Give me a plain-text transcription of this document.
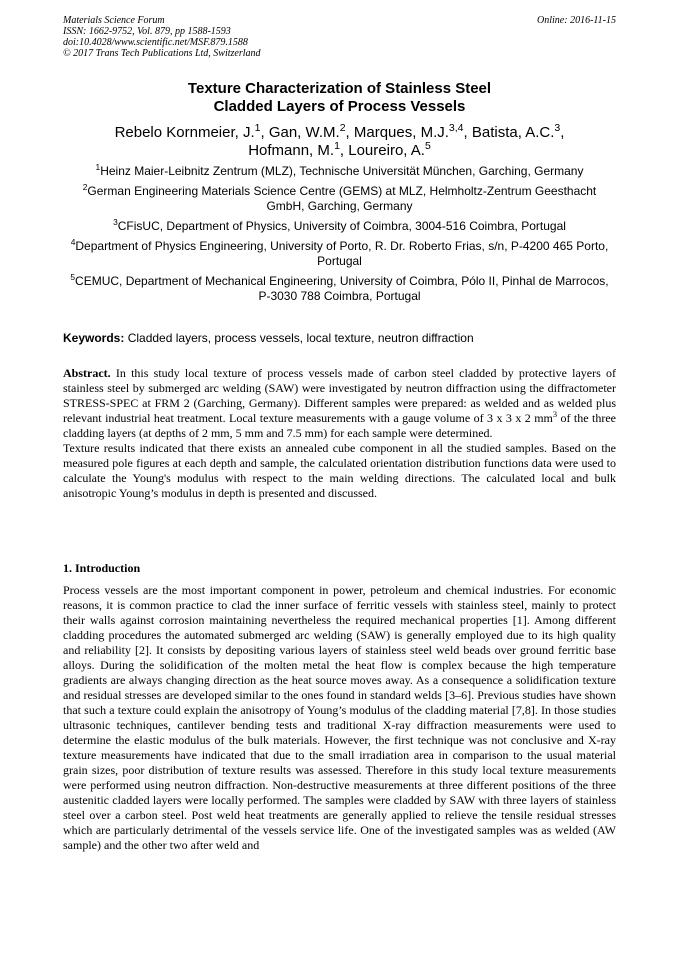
Materials Science Forum
ISSN: 1662-9752, Vol. 879, pp 1588-1593
doi:10.4028/www.scientific.net/MSF.879.1588
© 2017 Trans Tech Publications Ltd, Switzerland
Online: 2016-11-15
Texture Characterization of Stainless Steel
Cladded Layers of Process Vessels
Rebelo Kornmeier, J.$^1$, Gan, W.M.$^2$, Marques, M.J.$^{3,4}$, Batista, A.C.$^3$,
Hofmann, M.$^1$, Loureiro, A.$^5$
$^1$Heinz Maier-Leibnitz Zentrum (MLZ), Technische Universität München, Garching, Germany
$^2$German Engineering Materials Science Centre (GEMS) at MLZ, Helmholtz-Zentrum Geesthacht GmbH, Garching, Germany
$^3$CFisUC, Department of Physics, University of Coimbra, 3004-516 Coimbra, Portugal
$^4$Department of Physics Engineering, University of Porto, R. Dr. Roberto Frias, s/n, P-4200 465 Porto, Portugal
$^5$CEMUC, Department of Mechanical Engineering, University of Coimbra, Pólo II, Pinhal de Marrocos, P-3030 788 Coimbra, Portugal
Keywords: Cladded layers, process vessels, local texture, neutron diffraction

Abstract. In this study local texture of process vessels made of carbon steel cladded by protective layers of stainless steel by submerged arc welding (SAW) were investigated by neutron diffraction using the diffractometer STRESS-SPEC at FRM 2 (Garching, Germany). Different samples were prepared: as welded and as welded plus relevant industrial heat treatment. Local texture measurements with a gauge volume of 3 x 3 x 2 $mm^3$ of the three cladding layers (at depths of 2 mm, 5 mm and 7.5 mm) for each sample were determined.

Texture results indicated that there exists an annealed cube component in all the studied samples. Based on the measured pole figures at each depth and sample, the calculated orientation distribution functions data were used to calculate the Young's modulus with respect to the main welding directions. The calculated local and bulk anisotropic Young’s modulus in depth is presented and discussed.

1. Introduction

Process vessels are the most important component in power, petroleum and chemical industries. For economic reasons, it is common practice to clad the inner surface of ferritic vessels with stainless steel, mainly to protect their walls against corrosion maintaining nevertheless the required mechanical properties [1]. Among different cladding procedures the automated submerged arc welding (SAW) is generally employed due to its high quality and reliability [2]. It consists by depositing various layers of stainless steel weld beads over ground ferritic base alloys. During the solidification of the molten metal the heat flow is complex because the high temperature gradients are always changing direction as the heat source moves away. As a consequence a solidification texture and residual stresses are developed similar to the ones found in standard welds [3–6]. Previous studies have shown that such a texture could explain the anisotropy of Young’s modulus of the cladding material [7,8]. In those studies ultrasonic techniques, cantilever bending tests and traditional X-ray diffraction measurements were used to determine the elastic modulus of the bulk materials. However, the first technique was not conclusive and X-ray texture measurements have indicated that due to the small irradiation area in comparison to the usual material grain sizes, poor distribution of texture results was assessed. Therefore in this study local texture measurements were performed using neutron diffraction. Non-destructive measurements at three different positions of the three austenitic cladded layers were locally performed. The samples were cladded by SAW with three layers of stainless steel over a carbon steel. Post weld heat treatments are generally applied to relieve the tensile residual stresses which are particularly detrimental of the vessels service life. One of the investigated samples was as welded (AW sample) and the other two after weld and
